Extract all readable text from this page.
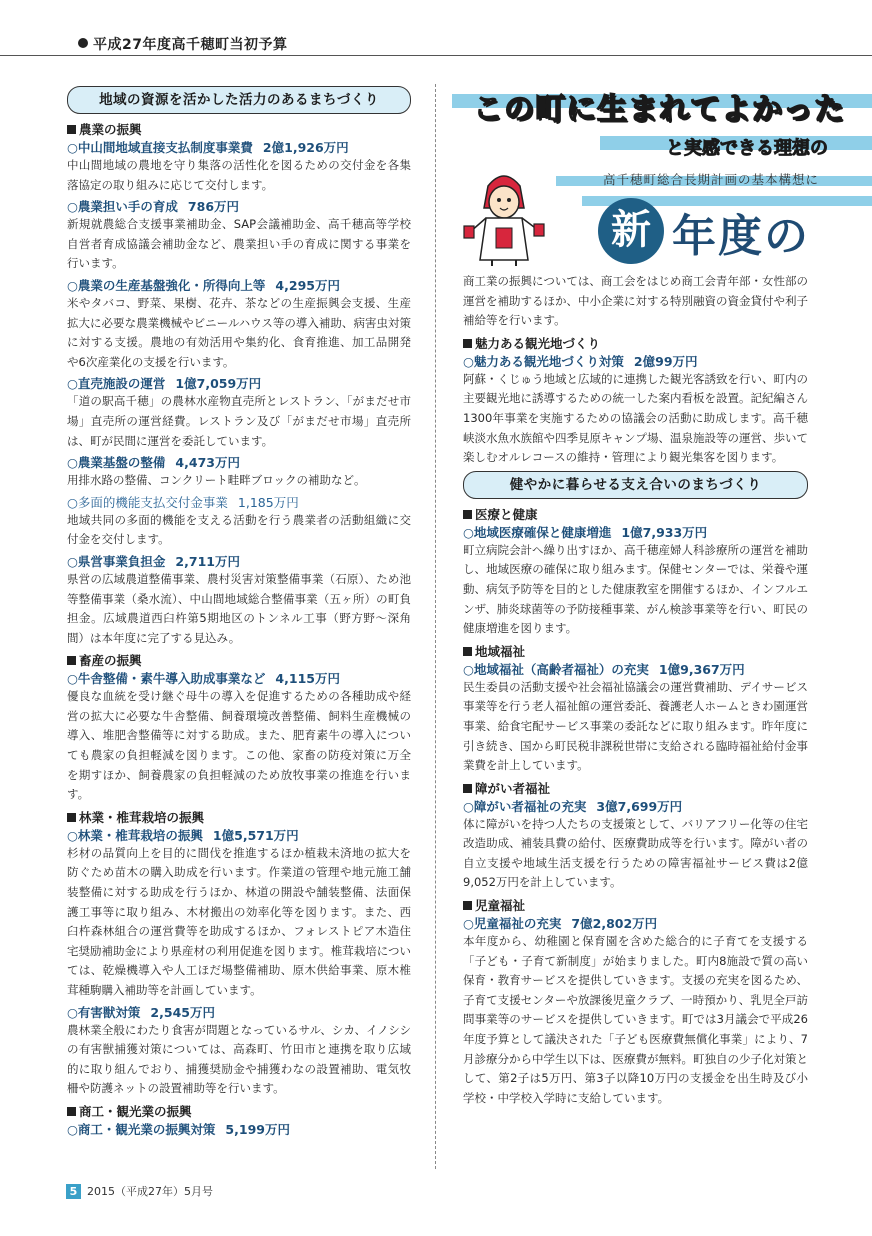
平成27年度高千穂町当初予算
この町に生まれてよかった
と実感できる理想の
高千穂町総合長期計画の基本構想に
新 年度の
地域の資源を活かした活力のあるまちづくり
農業の振興
○中山間地域直接支払制度事業費 2億1,926万円
中山間地域の農地を守り集落の活性化を図るための交付金を各集落協定の取り組みに応じて交付します。
○農業担い手の育成 786万円
新規就農総合支援事業補助金、SAP会議補助金、高千穂高等学校自営者育成協議会補助金など、農業担い手の育成に関する事業を行います。
○農業の生産基盤強化・所得向上等 4,295万円
米やタバコ、野菜、果樹、花卉、茶などの生産振興会支援、生産拡大に必要な農業機械やビニールハウス等の導入補助、病害虫対策に対する支援。農地の有効活用や集約化、食育推進、加工品開発や6次産業化の支援を行います。
○直売施設の運営 1億7,059万円
「道の駅高千穂」の農林水産物直売所とレストラン、「がまだせ市場」直売所の運営経費。レストラン及び「がまだせ市場」直売所は、町が民間に運営を委託しています。
○農業基盤の整備 4,473万円
用排水路の整備、コンクリート畦畔ブロックの補助など。
○多面的機能支払交付金事業 1,185万円
地域共同の多面的機能を支える活動を行う農業者の活動組織に交付金を交付します。
○県営事業負担金 2,711万円
県営の広域農道整備事業、農村災害対策整備事業（石原）、ため池等整備事業（桑水流）、中山間地域総合整備事業（五ヶ所）の町負担金。広域農道西臼杵第5期地区のトンネル工事（野方野～深角間）は本年度に完了する見込み。
畜産の振興
○牛舎整備・素牛導入助成事業など 4,115万円
優良な血統を受け継ぐ母牛の導入を促進するための各種助成や経営の拡大に必要な牛舎整備、飼養環境改善整備、飼料生産機械の導入、堆肥舎整備等に対する助成。また、肥育素牛の導入についても農家の負担軽減を図ります。この他、家畜の防疫対策に万全を期すほか、飼養農家の負担軽減のため放牧事業の推進を行います。
林業・椎茸栽培の振興
○林業・椎茸栽培の振興 1億5,571万円
杉材の品質向上を目的に間伐を推進するほか植栽未済地の拡大を防ぐため苗木の購入助成を行います。作業道の管理や地元施工舗装整備に対する助成を行うほか、林道の開設や舗装整備、法面保護工事等に取り組み、木材搬出の効率化等を図ります。また、西臼杵森林組合の運営費等を助成するほか、フォレストピア木造住宅奨励補助金により県産材の利用促進を図ります。椎茸栽培については、乾燥機導入や人工ほだ場整備補助、原木供給事業、原木椎茸種駒購入補助等を計画しています。
○有害獣対策 2,545万円
農林業全般にわたり食害が問題となっているサル、シカ、イノシシの有害獣捕獲対策については、高森町、竹田市と連携を取り広域的に取り組んでおり、捕獲奨励金や捕獲わなの設置補助、電気牧柵や防護ネットの設置補助等を行います。
商工・観光業の振興
○商工・観光業の振興対策 5,199万円
商工業の振興については、商工会をはじめ商工会青年部・女性部の運営を補助するほか、中小企業に対する特別融資の資金貸付や利子補給等を行います。
魅力ある観光地づくり
○魅力ある観光地づくり対策 2億99万円
阿蘇・くじゅう地域と広域的に連携した観光客誘致を行い、町内の主要観光地に誘導するための統一した案内看板を設置。記紀編さん1300年事業を実施するための協議会の活動に助成します。高千穂峡淡水魚水族館や四季見原キャンプ場、温泉施設等の運営、歩いて楽しむオルレコースの維持・管理により観光集客を図ります。
健やかに暮らせる支え合いのまちづくり
医療と健康
○地域医療確保と健康増進 1億7,933万円
町立病院会計へ繰り出すほか、高千穂産婦人科診療所の運営を補助し、地域医療の確保に取り組みます。保健センターでは、栄養や運動、病気予防等を目的とした健康教室を開催するほか、インフルエンザ、肺炎球菌等の予防接種事業、がん検診事業等を行い、町民の健康増進を図ります。
地域福祉
○地域福祉（高齢者福祉）の充実 1億9,367万円
民生委員の活動支援や社会福祉協議会の運営費補助、デイサービス事業等を行う老人福祉館の運営委託、養護老人ホームときわ園運営事業、給食宅配サービス事業の委託などに取り組みます。昨年度に引き続き、国から町民税非課税世帯に支給される臨時福祉給付金事業費を計上しています。
障がい者福祉
○障がい者福祉の充実 3億7,699万円
体に障がいを持つ人たちの支援策として、バリアフリー化等の住宅改造助成、補装具費の給付、医療費助成等を行います。障がい者の自立支援や地域生活支援を行うための障害福祉サービス費は2億9,052万円を計上しています。
児童福祉
○児童福祉の充実 7億2,802万円
本年度から、幼稚園と保育園を含めた総合的に子育てを支援する「子ども・子育て新制度」が始まりました。町内8施設で質の高い保育・教育サービスを提供していきます。支援の充実を図るため、子育て支援センターや放課後児童クラブ、一時預かり、乳児全戸訪問事業等のサービスを提供していきます。町では3月議会で平成26年度予算として議決された「子ども医療費無償化事業」により、7月診療分から中学生以下は、医療費が無料。町独自の少子化対策として、第2子は5万円、第3子以降10万円の支援金を出生時及び小学校・中学校入学時に支給しています。
5 2015（平成27年）5月号
